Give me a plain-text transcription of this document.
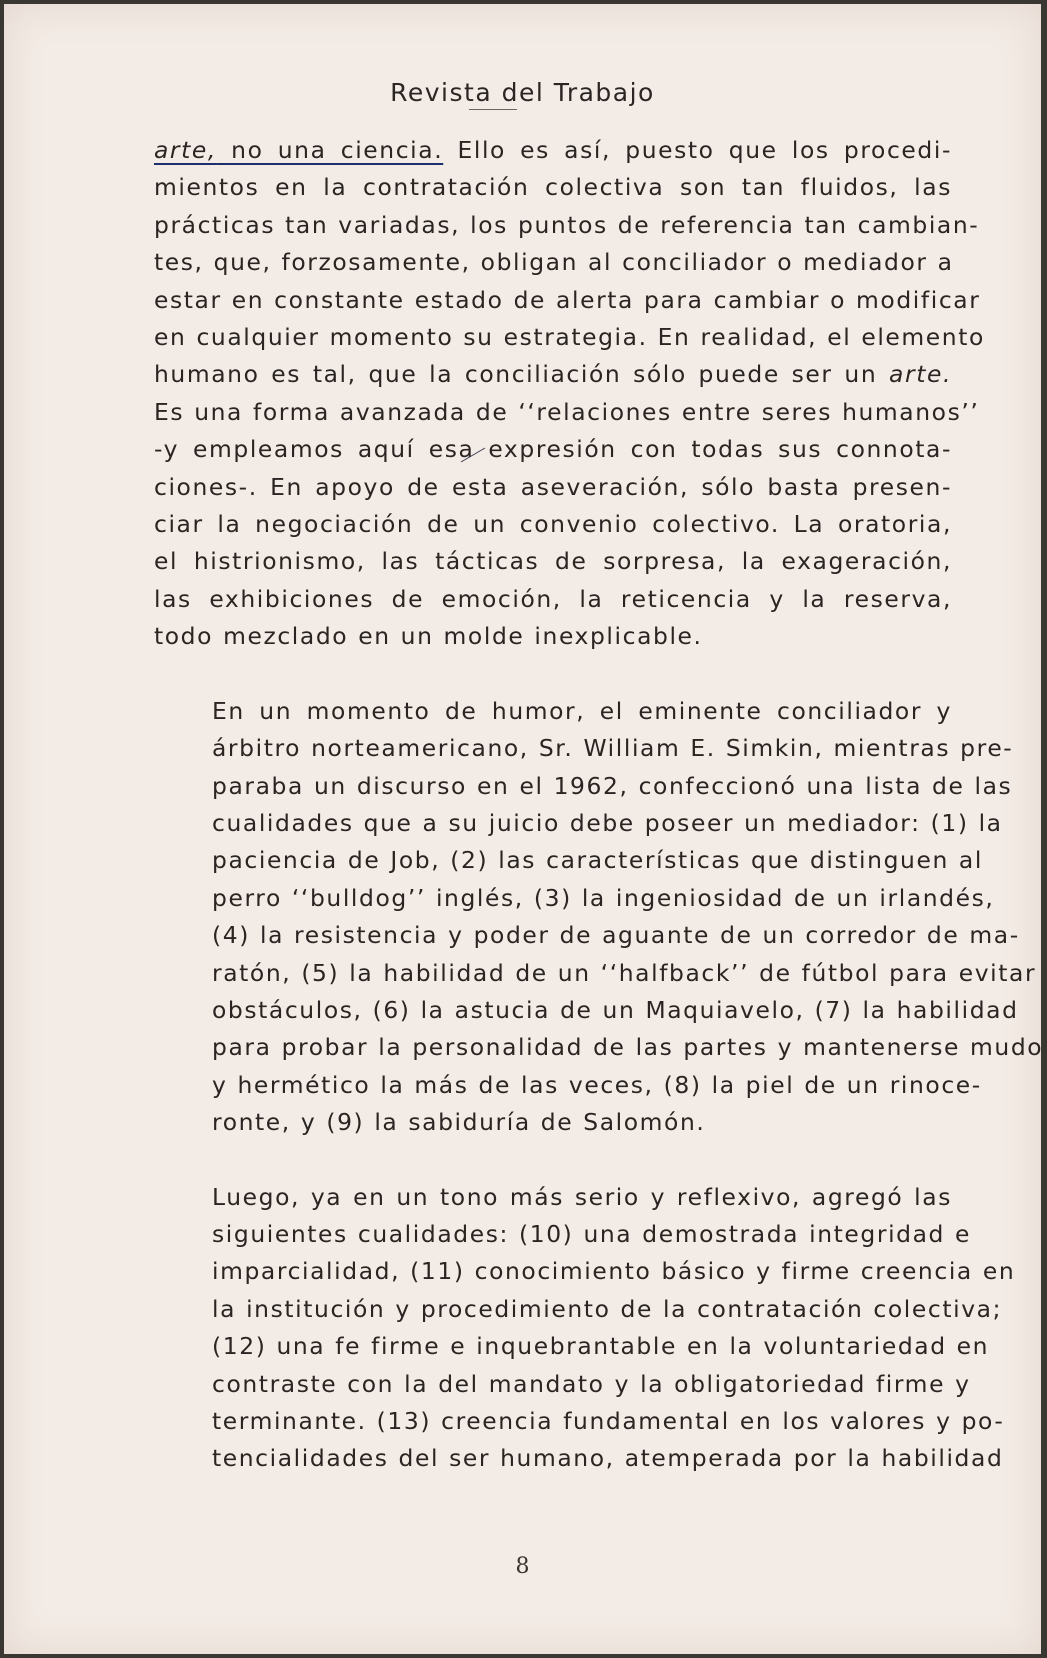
Revista del Trabajo

arte, no una ciencia. Ello es así, puesto que los procedi-
mientos en la contratación colectiva son tan fluidos, las
prácticas tan variadas, los puntos de referencia tan cambian-
tes, que, forzosamente, obligan al conciliador o mediador a
estar en constante estado de alerta para cambiar o modificar
en cualquier momento su estrategia. En realidad, el elemento
humano es tal, que la conciliación sólo puede ser un arte.
Es una forma avanzada de ‘‘relaciones entre seres humanos’’
-y empleamos aquí esa expresión con todas sus connota-
ciones-. En apoyo de esta aseveración, sólo basta presen-
ciar la negociación de un convenio colectivo. La oratoria,
el histrionismo, las tácticas de sorpresa, la exageración,
las exhibiciones de emoción, la reticencia y la reserva,
todo mezclado en un molde inexplicable.

En un momento de humor, el eminente conciliador y
árbitro norteamericano, Sr. William E. Simkin, mientras pre-
paraba un discurso en el 1962, confeccionó una lista de las
cualidades que a su juicio debe poseer un mediador: (1) la
paciencia de Job, (2) las características que distinguen al
perro ‘‘bulldog’’ inglés, (3) la ingeniosidad de un irlandés,
(4) la resistencia y poder de aguante de un corredor de ma-
ratón, (5) la habilidad de un ‘‘halfback’’ de fútbol para evitar
obstáculos, (6) la astucia de un Maquiavelo, (7) la habilidad
para probar la personalidad de las partes y mantenerse mudo
y hermético la más de las veces, (8) la piel de un rinoce-
ronte, y (9) la sabiduría de Salomón.

Luego, ya en un tono más serio y reflexivo, agregó las
siguientes cualidades: (10) una demostrada integridad e
imparcialidad, (11) conocimiento básico y firme creencia en
la institución y procedimiento de la contratación colectiva;
(12) una fe firme e inquebrantable en la voluntariedad en
contraste con la del mandato y la obligatoriedad firme y
terminante. (13) creencia fundamental en los valores y po-
tencialidades del ser humano, atemperada por la habilidad

8
